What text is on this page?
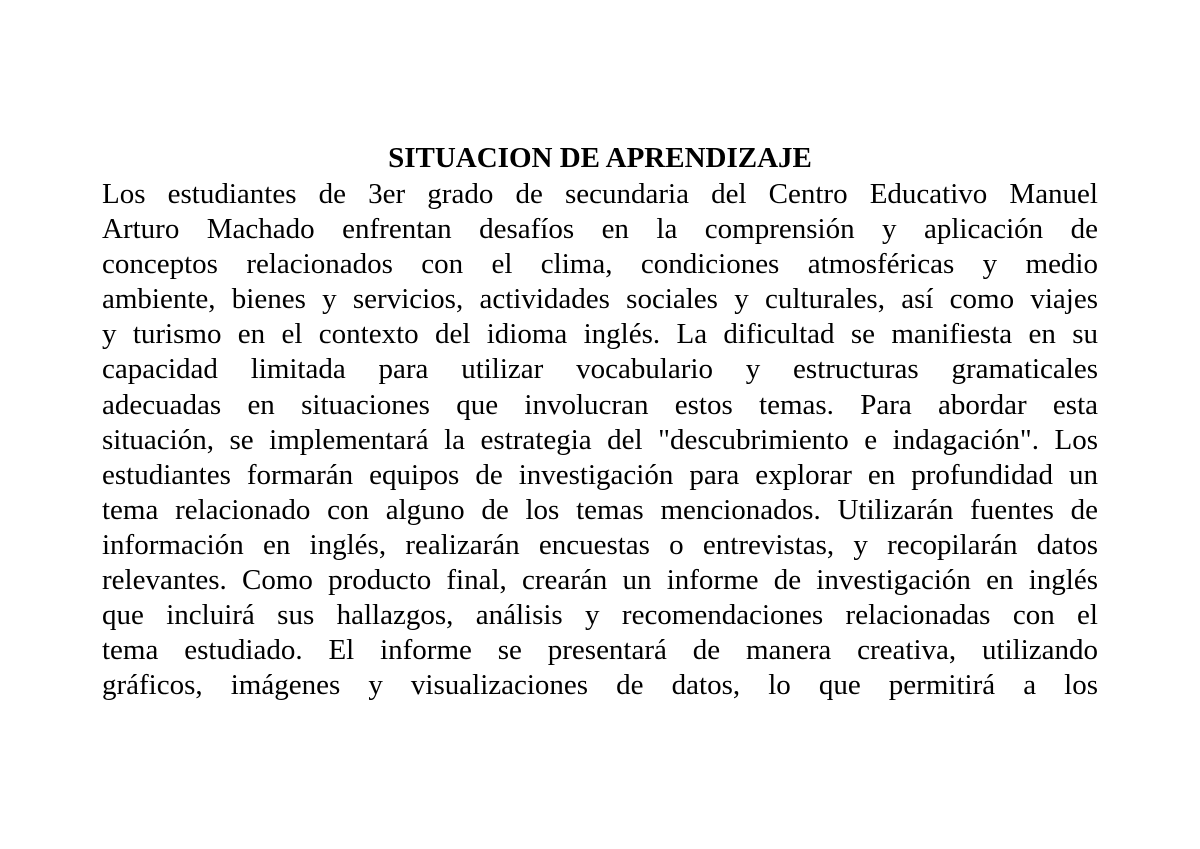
SITUACION DE APRENDIZAJE

Los estudiantes de 3er grado de secundaria del Centro Educativo Manuel

Arturo Machado enfrentan desafíos en la comprensión y aplicación de

conceptos relacionados con el clima, condiciones atmosféricas y medio

ambiente, bienes y servicios, actividades sociales y culturales, así como viajes

y turismo en el contexto del idioma inglés. La dificultad se manifiesta en su

capacidad limitada para utilizar vocabulario y estructuras gramaticales

adecuadas en situaciones que involucran estos temas. Para abordar esta

situación, se implementará la estrategia del "descubrimiento e indagación". Los

estudiantes formarán equipos de investigación para explorar en profundidad un

tema relacionado con alguno de los temas mencionados. Utilizarán fuentes de

información en inglés, realizarán encuestas o entrevistas, y recopilarán datos

relevantes. Como producto final, crearán un informe de investigación en inglés

que incluirá sus hallazgos, análisis y recomendaciones relacionadas con el

tema estudiado. El informe se presentará de manera creativa, utilizando

gráficos, imágenes y visualizaciones de datos, lo que permitirá a los
